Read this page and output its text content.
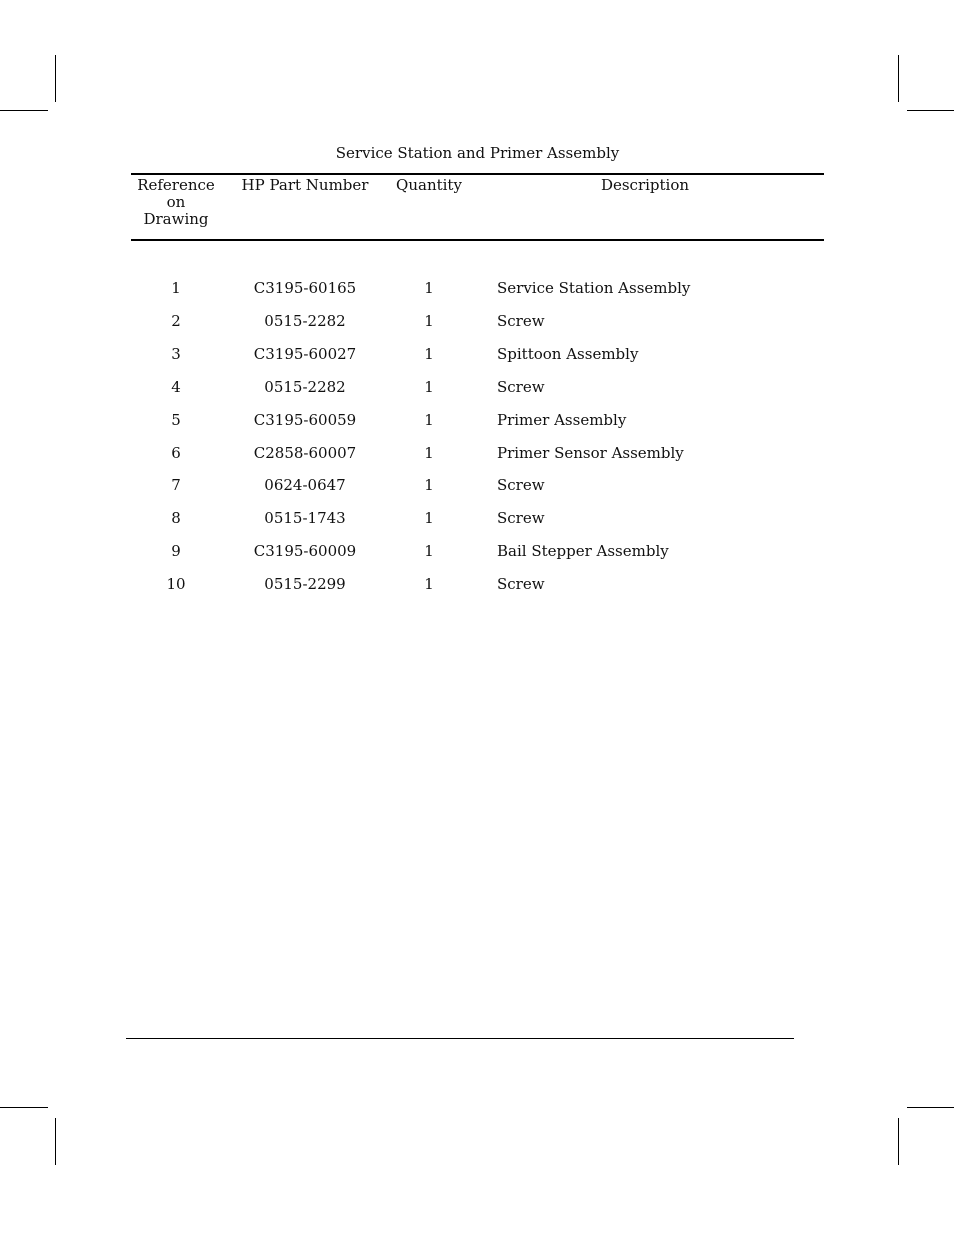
Service Station and Primer Assembly
Reference
on
Drawing
HP Part Number	Quantity	Description
1	C3195-60165	1	Service Station Assembly
2	0515-2282	1	Screw
3	C3195-60027	1	Spittoon Assembly
4	0515-2282	1	Screw
5	C3195-60059	1	Primer Assembly
6	C2858-60007	1	Primer Sensor Assembly
7	0624-0647	1	Screw
8	0515-1743	1	Screw
9	C3195-60009	1	Bail Stepper Assembly
10	0515-2299	1	Screw
